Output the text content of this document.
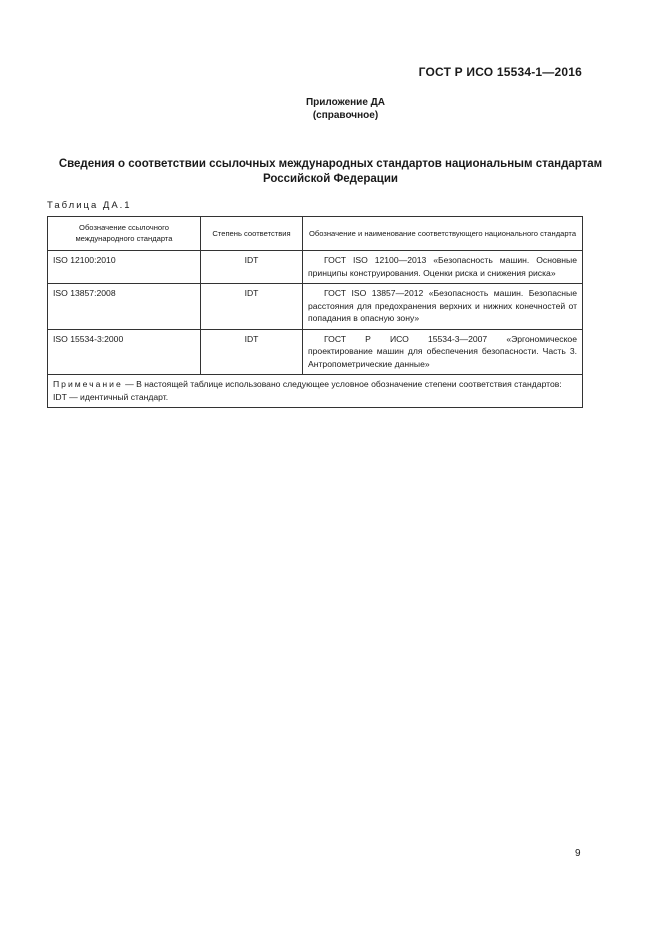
ГОСТ Р ИСО 15534-1—2016
Приложение ДА
(справочное)
Сведения о соответствии ссылочных международных стандартов национальным стандартам
Российской Федерации
Таблица ДА.1
Обозначение ссылочного международного стандарта	Степень соответствия	Обозначение и наименование соответствующего национального стандарта
ISO 12100:2010	IDT	ГОСТ ISO 12100—2013 «Безопасность машин. Основные принципы конструирования. Оценки риска и снижения риска»

ISO 13857:2008	IDT	ГОСТ ISO 13857—2012 «Безопасность машин. Безопасные расстояния для предохранения верхних и нижних конечностей от попадания в опасную зону»

ISO 15534-3:2000	IDT	ГОСТ Р ИСО 15534-3—2007 «Эргономическое проектирование машин для обеспечения безопасности. Часть 3. Антропометрические данные»

Примечание — В настоящей таблице использовано следующее условное обозначение степени соответствия стандартов:
IDT — идентичный стандарт.		
9
